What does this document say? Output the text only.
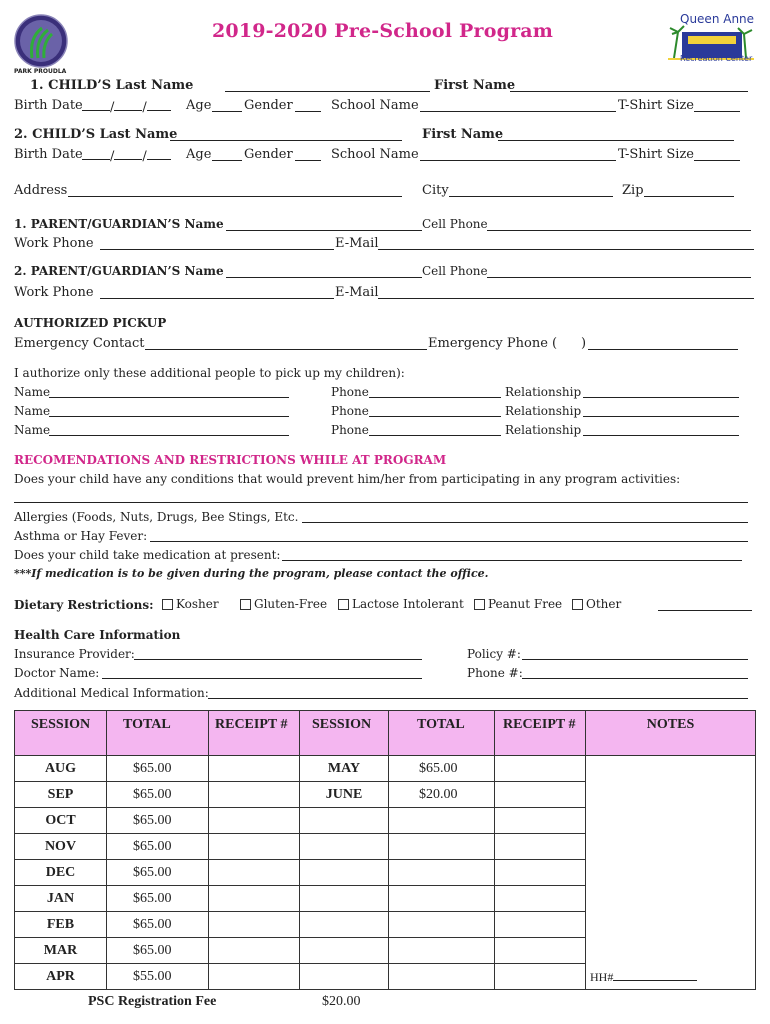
PARK PROUDLA
2019-2020 Pre-School Program
Queen Anne
Recreation Center
1. CHILD’S Last Name	First Name
Birth Date	/ /	Age	Gender	School Name	T-Shirt Size
2. CHILD’S Last Name	First Name
Birth Date	/ /	Age	Gender	School Name	T-Shirt Size
Address	City	Zip
1. PARENT/GUARDIAN’S Name	Cell Phone
Work Phone	E-Mail
2. PARENT/GUARDIAN’S Name	Cell Phone
Work Phone	E-Mail
AUTHORIZED PICKUP
Emergency Contact	Emergency Phone ( )
I authorize only these additional people to pick up my children):
Name	Phone	Relationship
Name	Phone	Relationship
Name	Phone	Relationship
RECOMENDATIONS AND RESTRICTIONS WHILE AT PROGRAM
Does your child have any conditions that would prevent him/her from participating in any program activities:
Allergies (Foods, Nuts, Drugs, Bee Stings, Etc.
Asthma or Hay Fever:
Does your child take medication at present:
***If medication is to be given during the program, please contact the office.
Dietary Restrictions:	Kosher	Gluten-Free	Lactose Intolerant	Peanut Free	Other
Health Care Information
Insurance Provider:	Policy #:
Doctor Name:	Phone #:
Additional Medical Information:
SESSION	TOTAL	RECEIPT #	SESSION	TOTAL	RECEIPT #	NOTES
AUG	$65.00		MAY	$65.00		HH#
SEP	$65.00		JUNE	$20.00		
OCT	$65.00					
NOV	$65.00					
DEC	$65.00					
JAN	$65.00					
FEB	$65.00					
MAR	$65.00					
APR	$55.00					
PSC Registration Fee	$20.00
